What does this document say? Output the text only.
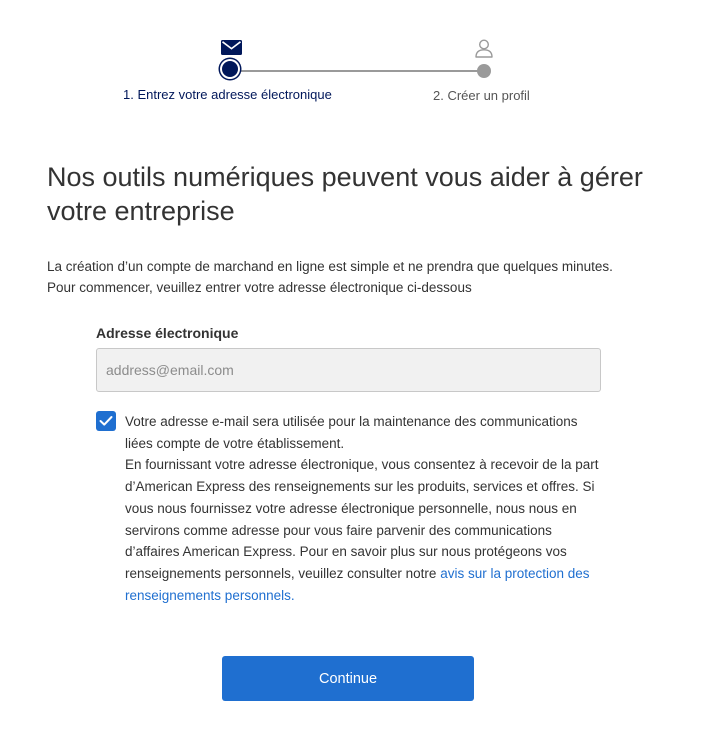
1. Entrez votre adresse électronique	2. Créer un profil
Nos outils numériques peuvent vous aider à gérer votre entreprise

La création d’un compte de marchand en ligne est simple et ne prendra que quelques minutes.
Pour commencer, veuillez entrer votre adresse électronique ci-dessous

Adresse électronique
address@email.com

Votre adresse e-mail sera utilisée pour la maintenance des communications liées compte de votre établissement.
En fournissant votre adresse électronique, vous consentez à recevoir de la part d’American Express des renseignements sur les produits, services et offres. Si vous nous fournissez votre adresse électronique personnelle, nous nous en servirons comme adresse pour vous faire parvenir des communications d’affaires American Express. Pour en savoir plus sur nous protégeons vos renseignements personnels, veuillez consulter notre avis sur la protection des renseignements personnels.

Continue
